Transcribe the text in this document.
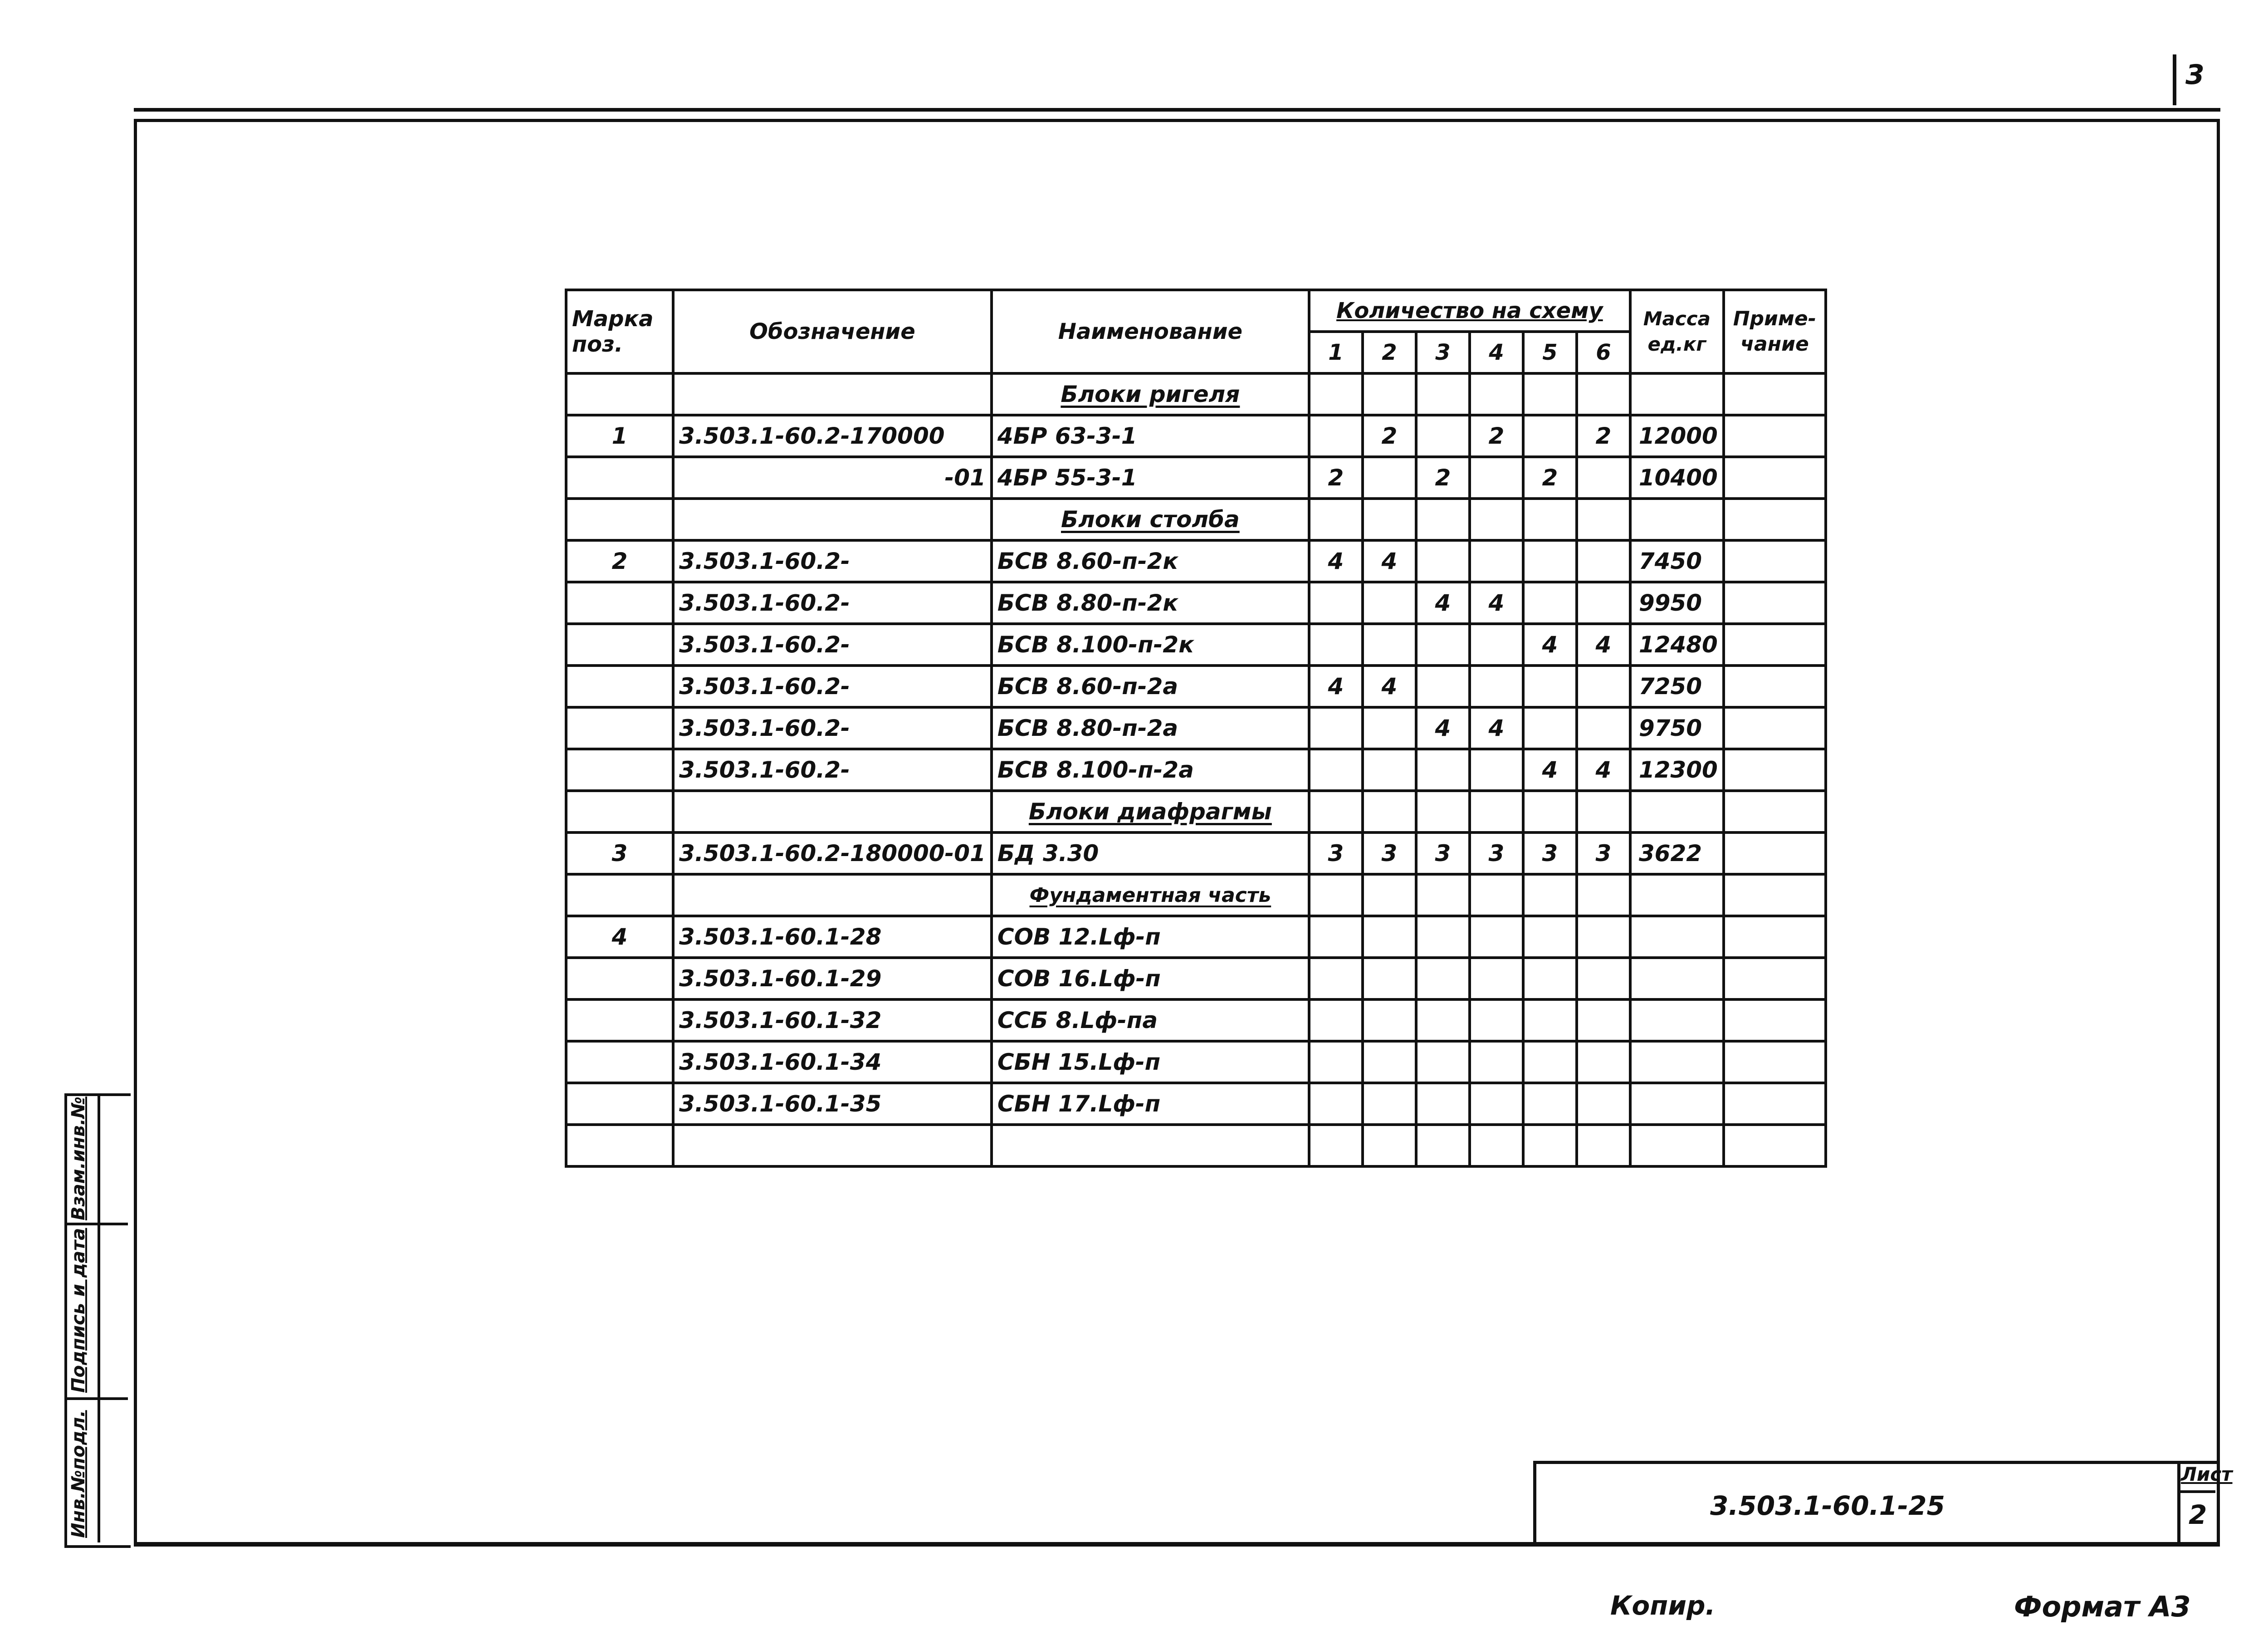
3
Марка поз.	Обозначение	Наименование	Количество на схему						Масса ед.кг	Приме- чание
			1	2	3	4	5	6		
		Блоки ригеля								
1	3.503.1-60.2-170000	4БР 63-3-1		2		2		2	12000	
	-01	4БР 55-3-1	2		2		2		10400	
		Блоки столба								
2	3.503.1-60.2-	БСВ 8.60-п-2к	4	4					7450	
	3.503.1-60.2-	БСВ 8.80-п-2к			4	4			9950	
	3.503.1-60.2-	БСВ 8.100-п-2к					4	4	12480	
	3.503.1-60.2-	БСВ 8.60-п-2а	4	4					7250	
	3.503.1-60.2-	БСВ 8.80-п-2а			4	4			9750	
	3.503.1-60.2-	БСВ 8.100-п-2а					4	4	12300	
		Блоки диафрагмы								
3	3.503.1-60.2-180000-01	БД 3.30	3	3	3	3	3	3	3622	
		Фундаментная часть								
4	3.503.1-60.1-28	СОВ 12.Lф-п								
	3.503.1-60.1-29	СОВ 16.Lф-п								
	3.503.1-60.1-32	ССБ 8.Lф-па								
	3.503.1-60.1-34	СБН 15.Lф-п								
	3.503.1-60.1-35	СБН 17.Lф-п								

Инв.№подл.
Подпись и дата
Взам.инв.№
3.503.1-60.1-25
Лист
2
Копир.	Формат А3
